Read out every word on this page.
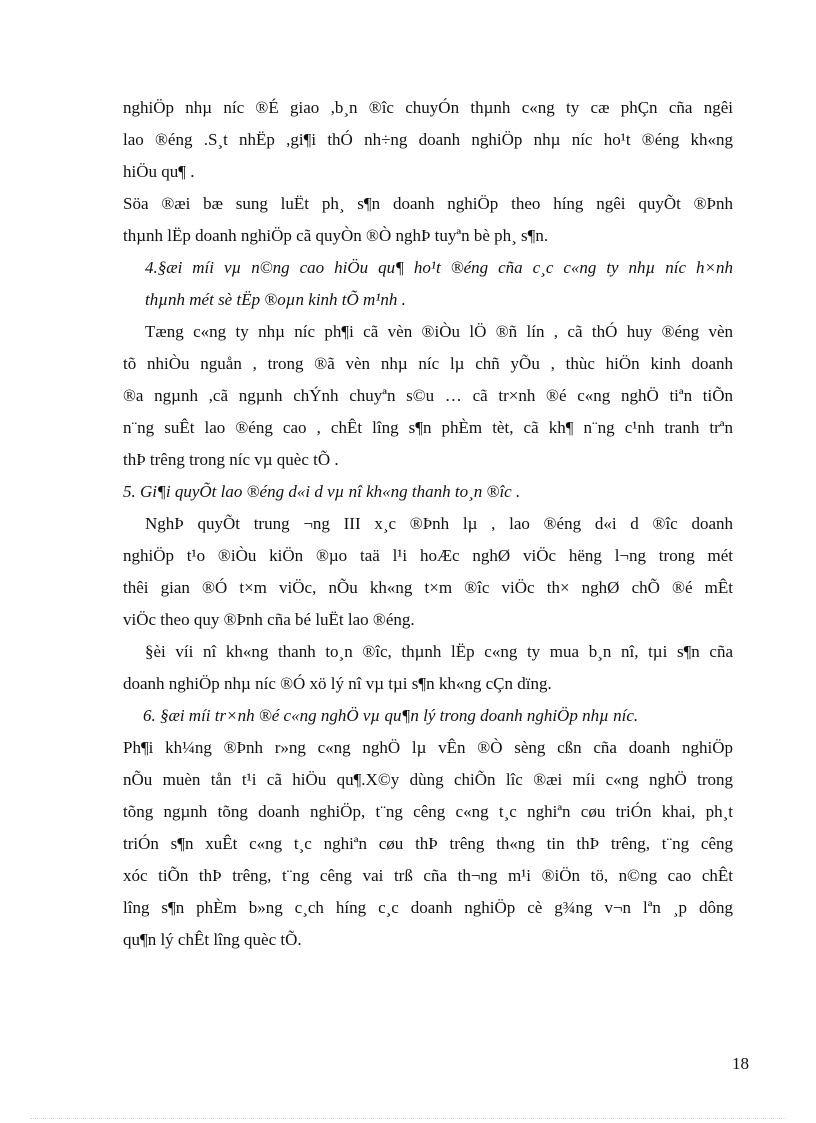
nghiÖp nhµ níc ®É giao ,b¸n ®îc chuyÓn thµnh c«ng ty cæ phÇn cña ngêi
lao ®éng .S¸t nhËp ,gi¶i thÓ nh÷ng doanh nghiÖp nhµ níc ho¹t ®éng kh«ng
hiÖu qu¶ .
Söa ®æi bæ sung luËt ph¸ s¶n doanh nghiÖp theo híng ngêi quyÕt ®Þnh
thµnh lËp doanh nghiÖp cã quyÒn ®Ò nghÞ tuyªn bè ph¸ s¶n.
4.§æi míi vµ n©ng cao hiÖu qu¶ ho¹t ®éng cña c¸c c«ng ty nhµ níc h×nh
thµnh mét sè tËp ®oµn kinh tÕ m¹nh .
Tæng c«ng ty nhµ níc ph¶i cã vèn ®iÒu lÖ ®ñ lín , cã thÓ huy ®éng vèn
tõ nhiÒu nguån , trong ®ã vèn nhµ níc lµ chñ yÕu , thùc hiÖn kinh doanh
®a ngµnh ,cã ngµnh chÝnh chuyªn s©u … cã tr×nh ®é c«ng nghÖ tiªn tiÕn
n¨ng suÊt lao ®éng cao , chÊt lîng s¶n phÈm tèt, cã kh¶ n¨ng c¹nh tranh trªn
thÞ trêng trong níc vµ quèc tÕ .
5. Gi¶i quyÕt lao ®éng d«i d vµ nî kh«ng thanh to¸n ®îc .
NghÞ quyÕt trung ¬ng III x¸c ®Þnh lµ , lao ®éng d«i d ®îc doanh
nghiÖp t¹o ®iÒu kiÖn ®µo taä l¹i hoÆc nghØ viÖc hëng l¬ng trong mét
thêi gian ®Ó t×m viÖc, nÕu kh«ng t×m ®îc viÖc th× nghØ chÕ ®é mÊt
viÖc theo quy ®Þnh cña bé luËt lao ®éng.
§èi víi nî kh«ng thanh to¸n ®îc, thµnh lËp c«ng ty mua b¸n nî, tµi s¶n cña
doanh nghiÖp nhµ níc ®Ó xö lý nî vµ tµi s¶n kh«ng cÇn dïng.
6. §æi míi tr×nh ®é c«ng nghÖ vµ qu¶n lý trong doanh nghiÖp nhµ níc.
Ph¶i kh¼ng ®Þnh r»ng c«ng nghÖ lµ vÊn ®Ò sèng cßn cña doanh nghiÖp
nÕu muèn tån t¹i cã hiÖu qu¶.X©y dùng chiÕn lîc ®æi míi c«ng nghÖ trong
tõng ngµnh tõng doanh nghiÖp, t¨ng cêng c«ng t¸c nghiªn cøu triÓn khai, ph¸t
triÓn s¶n xuÊt c«ng t¸c nghiªn cøu thÞ trêng th«ng tin thÞ trêng, t¨ng cêng
xóc tiÕn thÞ trêng, t¨ng cêng vai trß cña th¬ng m¹i ®iÖn tö, n©ng cao chÊt
lîng s¶n phÈm b»ng c¸ch híng c¸c doanh nghiÖp cè g¾ng v¬n lªn ¸p dông
qu¶n lý chÊt lîng quèc tÕ.
18
